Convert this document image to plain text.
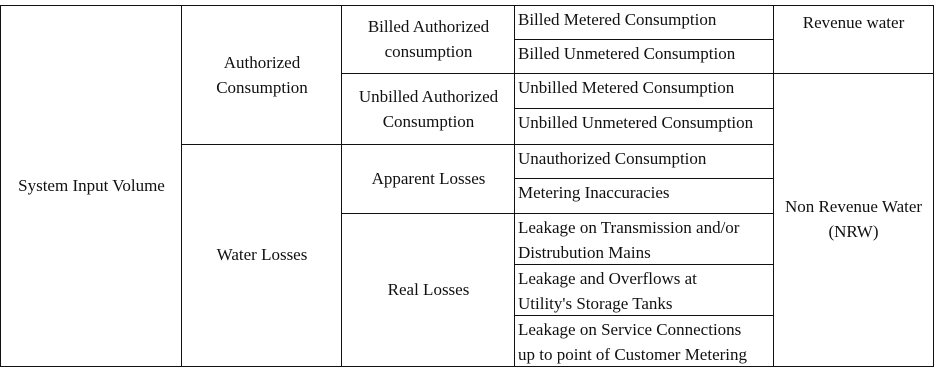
System Input Volume
Authorized
Consumption
Water Losses
Billed Authorized
consumption
Unbilled Authorized
Consumption
Apparent Losses
Real Losses
Billed Metered Consumption
Billed Unmetered Consumption
Unbilled Metered Consumption
Unbilled Unmetered Consumption
Unauthorized Consumption
Metering Inaccuracies
Leakage on Transmission and/or
Distrubution Mains
Leakage and Overflows at
Utility's Storage Tanks
Leakage on Service Connections
up to point of Customer Metering
Revenue water
Non Revenue Water
(NRW)
